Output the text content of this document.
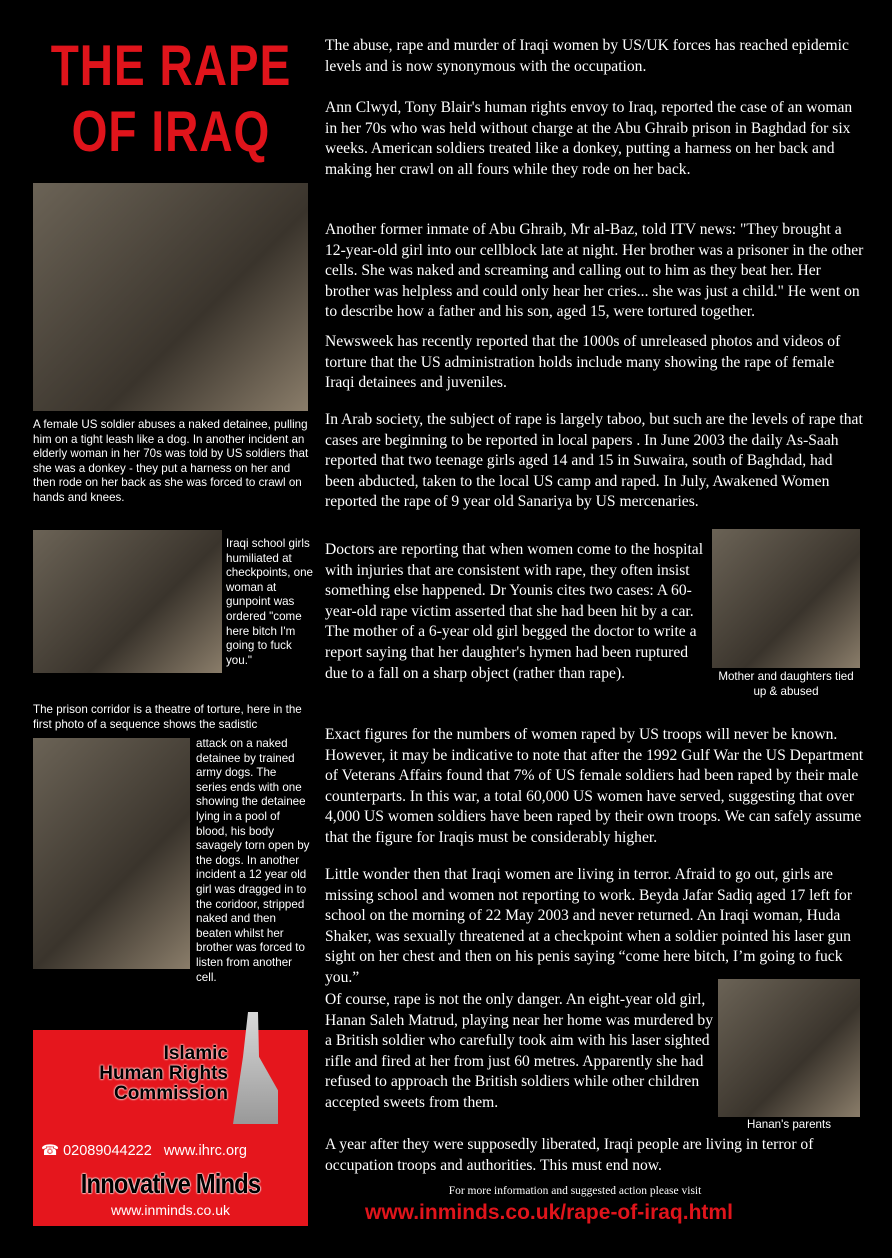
THE RAPE
OF IRAQ
A female US soldier abuses a naked detainee, pulling him on a tight leash like a dog. In another incident an elderly woman in her 70s was told by US soldiers that she was a donkey - they put a harness on her and then rode on her back as she was forced to crawl on hands and knees.
Iraqi school girls humiliated at checkpoints, one woman at gunpoint was ordered "come here bitch I'm going to fuck you."
The prison corridor is a theatre of torture, here in the first photo of a sequence shows the sadistic
attack on a naked detainee by trained army dogs. The series ends with one showing the detainee lying in a pool of blood, his body savagely torn open by the dogs. In another incident a 12 year old girl was dragged in to the coridoor, stripped naked and then beaten whilst her brother was forced to listen from another cell.
Islamic
Human Rights
Commission
☎ 02089044222 www.ihrc.org
Innovative Minds
www.inminds.co.uk

The abuse, rape and murder of Iraqi women by US/UK forces has reached epidemic levels and is now synonymous with the occupation.

Ann Clwyd, Tony Blair's human rights envoy to Iraq, reported the case of an woman in her 70s who was held without charge at the Abu Ghraib prison in Baghdad for six weeks. American soldiers treated like a donkey, putting a harness on her back and making her crawl on all fours while they rode on her back.

Another former inmate of Abu Ghraib, Mr al-Baz, told ITV news: "They brought a 12-year-old girl into our cellblock late at night. Her brother was a prisoner in the other cells. She was naked and screaming and calling out to him as they beat her. Her brother was helpless and could only hear her cries... she was just a child." He went on to describe how a father and his son, aged 15, were tortured together.

Newsweek has recently reported that the 1000s of unreleased photos and videos of torture that the US administration holds include many showing the rape of female Iraqi detainees and juveniles.

In Arab society, the subject of rape is largely taboo, but such are the levels of rape that cases are beginning to be reported in local papers . In June 2003 the daily As-Saah reported that two teenage girls aged 14 and 15 in Suwaira, south of Baghdad, had been abducted, taken to the local US camp and raped. In July, Awakened Women reported the rape of 9 year old Sanariya by US mercenaries.

Doctors are reporting that when women come to the hospital with injuries that are consistent with rape, they often insist something else happened. Dr Younis cites two cases: A 60-year-old rape victim asserted that she had been hit by a car. The mother of a 6-year old girl begged the doctor to write a report saying that her daughter's hymen had been ruptured due to a fall on a sharp object (rather than rape).	Mother and daughters tied up & abused

Exact figures for the numbers of women raped by US troops will never be known. However, it may be indicative to note that after the 1992 Gulf War the US Department of Veterans Affairs found that 7% of US female soldiers had been raped by their male counterparts. In this war, a total 60,000 US women have served, suggesting that over 4,000 US women soldiers have been raped by their own troops. We can safely assume that the figure for Iraqis must be considerably higher.

Little wonder then that Iraqi women are living in terror. Afraid to go out, girls are missing school and women not reporting to work. Beyda Jafar Sadiq aged 17 left for school on the morning of 22 May 2003 and never returned. An Iraqi woman, Huda Shaker, was sexually threatened at a checkpoint when a soldier pointed his laser gun sight on her chest and then on his penis saying “come here bitch, I’m going to fuck you.”

Of course, rape is not the only danger. An eight-year old girl, Hanan Saleh Matrud, playing near her home was murdered by a British soldier who carefully took aim with his laser sighted rifle and fired at her from just 60 metres. Apparently she had refused to approach the British soldiers while other children accepted sweets from them.

Hanan's parents

A year after they were supposedly liberated, Iraqi people are living in terror of occupation troops and authorities. This must end now.

For more information and suggested action please visit
www.inminds.co.uk/rape-of-iraq.html
